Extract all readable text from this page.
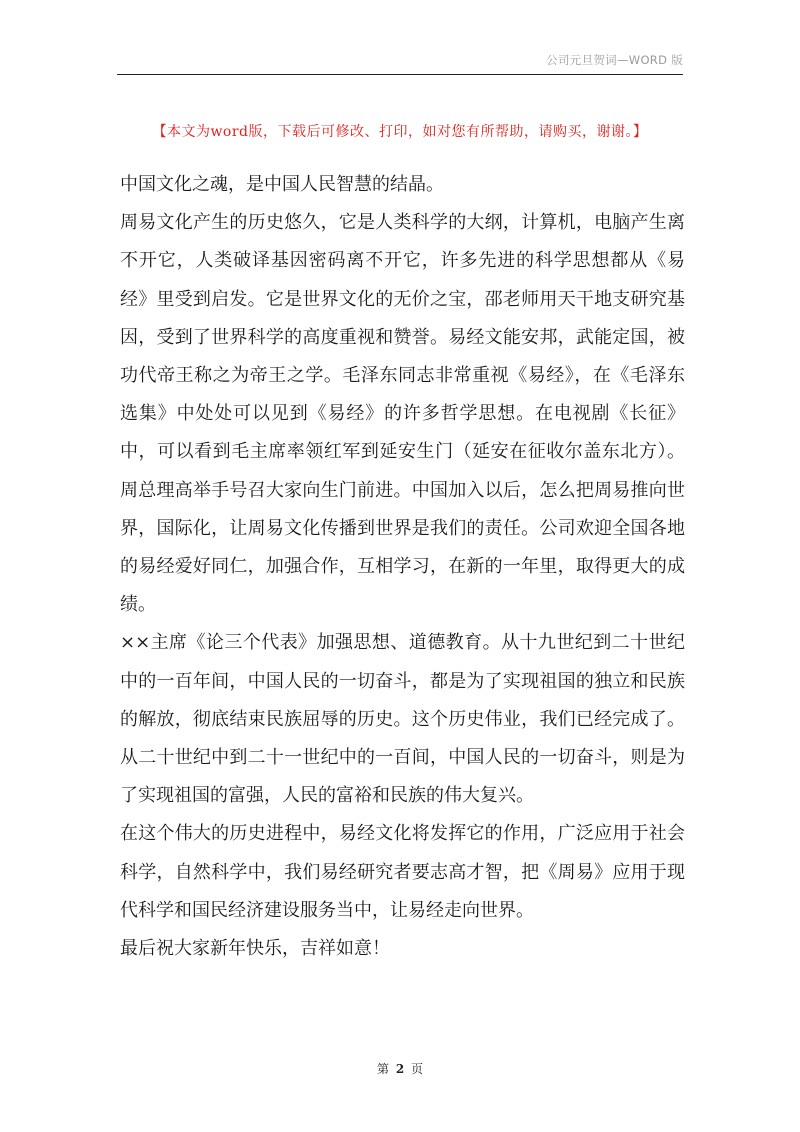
公司元旦贺词—WORD 版
【本文为word版，下载后可修改、打印，如对您有所帮助，请购买，谢谢。】

中国文化之魂，是中国人民智慧的结晶。

周易文化产生的历史悠久，它是人类科学的大纲，计算机，电脑产生离不开它，人类破译基因密码离不开它，许多先进的科学思想都从《易经》里受到启发。它是世界文化的无价之宝，邵老师用天干地支研究基因，受到了世界科学的高度重视和赞誉。易经文能安邦，武能定国，被功代帝王称之为帝王之学。毛泽东同志非常重视《易经》，在《毛泽东选集》中处处可以见到《易经》的许多哲学思想。在电视剧《长征》中，可以看到毛主席率领红军到延安生门（延安在征收尔盖东北方）。周总理高举手号召大家向生门前进。中国加入以后，怎么把周易推向世界，国际化，让周易文化传播到世界是我们的责任。公司欢迎全国各地的易经爱好同仁，加强合作，互相学习，在新的一年里，取得更大的成绩。

××主席《论三个代表》加强思想、道德教育。从十九世纪到二十世纪中的一百年间，中国人民的一切奋斗，都是为了实现祖国的独立和民族的解放，彻底结束民族屈辱的历史。这个历史伟业，我们已经完成了。从二十世纪中到二十一世纪中的一百间，中国人民的一切奋斗，则是为了实现祖国的富强，人民的富裕和民族的伟大复兴。

在这个伟大的历史进程中，易经文化将发挥它的作用，广泛应用于社会科学，自然科学中，我们易经研究者要志高才智，把《周易》应用于现代科学和国民经济建设服务当中，让易经走向世界。

最后祝大家新年快乐，吉祥如意！

第 2 页
